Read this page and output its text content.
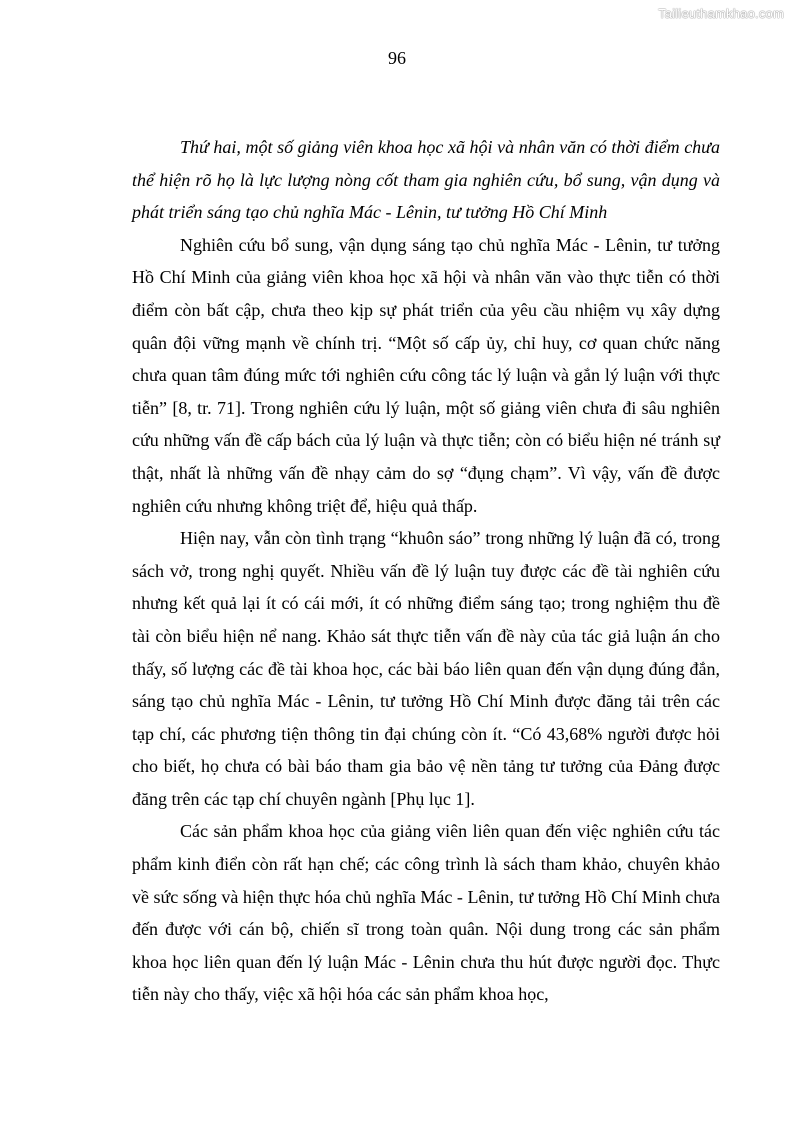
Tailieuthamkhao.com
96

Thứ hai, một số giảng viên khoa học xã hội và nhân văn có thời điểm chưa thể hiện rõ họ là lực lượng nòng cốt tham gia nghiên cứu, bổ sung, vận dụng và phát triển sáng tạo chủ nghĩa Mác - Lênin, tư tưởng Hồ Chí Minh

Nghiên cứu bổ sung, vận dụng sáng tạo chủ nghĩa Mác - Lênin, tư tưởng Hồ Chí Minh của giảng viên khoa học xã hội và nhân văn vào thực tiễn có thời điểm còn bất cập, chưa theo kịp sự phát triển của yêu cầu nhiệm vụ xây dựng quân đội vững mạnh về chính trị. “Một số cấp ủy, chỉ huy, cơ quan chức năng chưa quan tâm đúng mức tới nghiên cứu công tác lý luận và gắn lý luận với thực tiễn” [8, tr. 71]. Trong nghiên cứu lý luận, một số giảng viên chưa đi sâu nghiên cứu những vấn đề cấp bách của lý luận và thực tiễn; còn có biểu hiện né tránh sự thật, nhất là những vấn đề nhạy cảm do sợ “đụng chạm”. Vì vậy, vấn đề được nghiên cứu nhưng không triệt để, hiệu quả thấp.

Hiện nay, vẫn còn tình trạng “khuôn sáo” trong những lý luận đã có, trong sách vở, trong nghị quyết. Nhiều vấn đề lý luận tuy được các đề tài nghiên cứu nhưng kết quả lại ít có cái mới, ít có những điểm sáng tạo; trong nghiệm thu đề tài còn biểu hiện nể nang. Khảo sát thực tiễn vấn đề này của tác giả luận án cho thấy, số lượng các đề tài khoa học, các bài báo liên quan đến vận dụng đúng đắn, sáng tạo chủ nghĩa Mác - Lênin, tư tưởng Hồ Chí Minh được đăng tải trên các tạp chí, các phương tiện thông tin đại chúng còn ít. “Có 43,68% người được hỏi cho biết, họ chưa có bài báo tham gia bảo vệ nền tảng tư tưởng của Đảng được đăng trên các tạp chí chuyên ngành [Phụ lục 1].

Các sản phẩm khoa học của giảng viên liên quan đến việc nghiên cứu tác phẩm kinh điển còn rất hạn chế; các công trình là sách tham khảo, chuyên khảo về sức sống và hiện thực hóa chủ nghĩa Mác - Lênin, tư tưởng Hồ Chí Minh chưa đến được với cán bộ, chiến sĩ trong toàn quân. Nội dung trong các sản phẩm khoa học liên quan đến lý luận Mác - Lênin chưa thu hút được người đọc. Thực tiễn này cho thấy, việc xã hội hóa các sản phẩm khoa học,
